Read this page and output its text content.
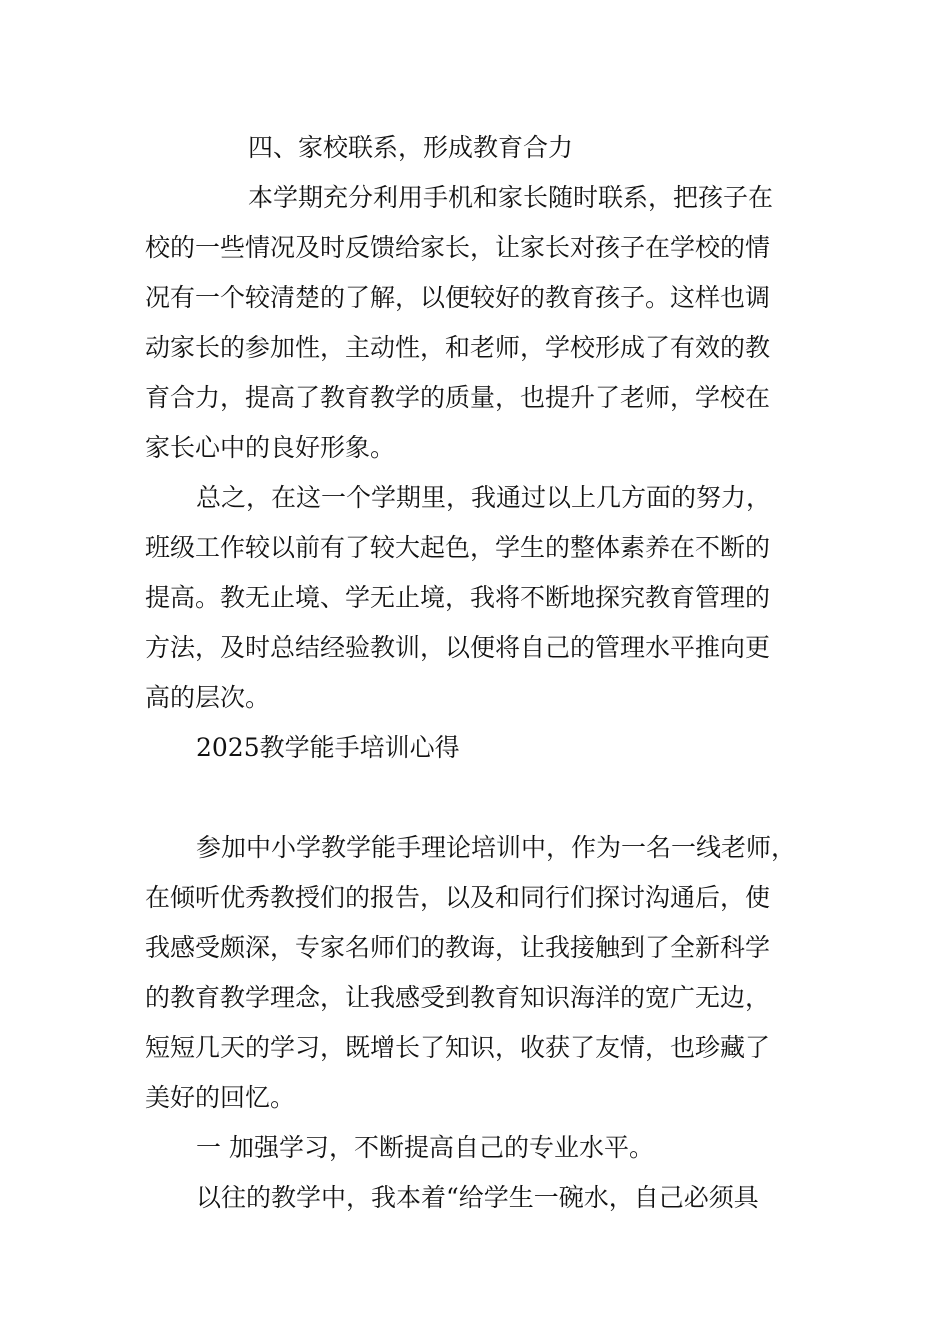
四、家校联系，形成教育合力
本学期充分利用手机和家长随时联系，把孩子在
校的一些情况及时反馈给家长，让家长对孩子在学校的情
况有一个较清楚的了解，以便较好的教育孩子。这样也调
动家长的参加性，主动性，和老师，学校形成了有效的教
育合力，提高了教育教学的质量，也提升了老师，学校在
家长心中的良好形象。
总之，在这一个学期里，我通过以上几方面的努力，
班级工作较以前有了较大起色，学生的整体素养在不断的
提高。教无止境、学无止境，我将不断地探究教育管理的
方法，及时总结经验教训，以便将自己的管理水平推向更
高的层次。
2025教学能手培训心得
参加中小学教学能手理论培训中，作为一名一线老师，
在倾听优秀教授们的报告，以及和同行们探讨沟通后，使
我感受颇深，专家名师们的教诲，让我接触到了全新科学
的教育教学理念，让我感受到教育知识海洋的宽广无边，
短短几天的学习，既增长了知识，收获了友情，也珍藏了
美好的回忆。
一 加强学习，不断提高自己的专业水平。
以往的教学中，我本着“给学生一碗水，自己必须具
